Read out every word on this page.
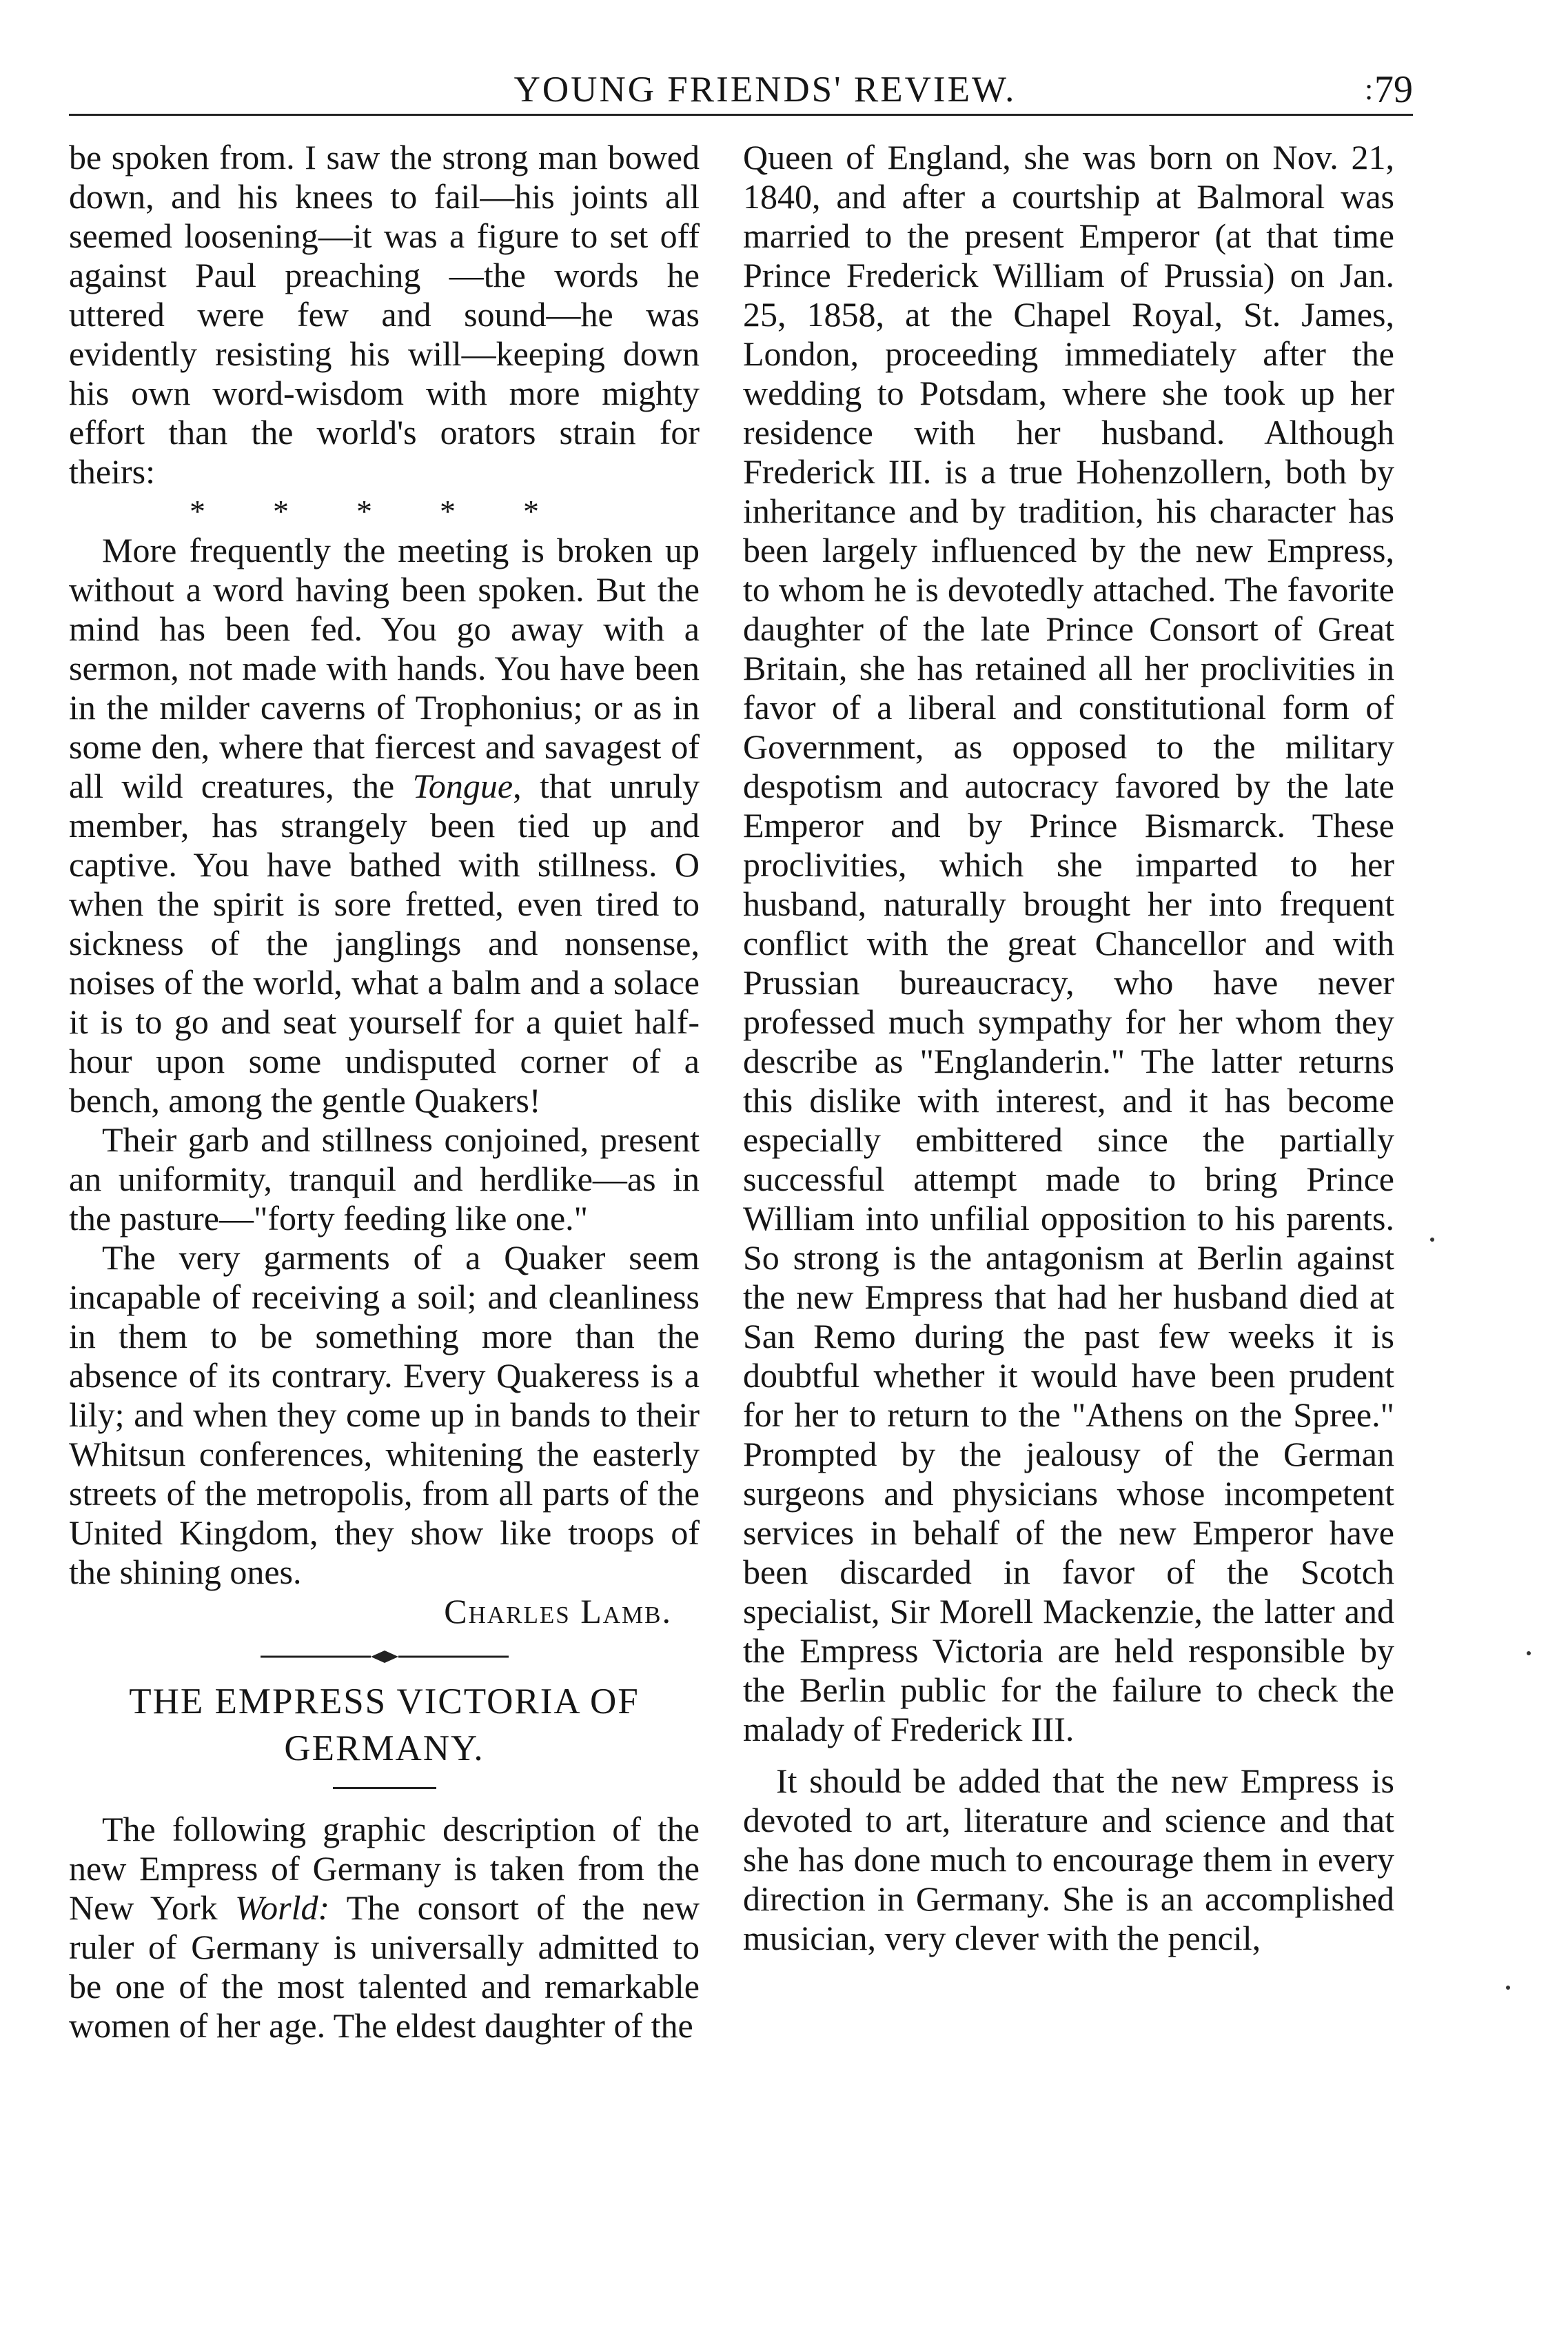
YOUNG FRIENDS' REVIEW.	: 79

be spoken from. I saw the strong man bowed down, and his knees to fail—his joints all seemed loosening—it was a figure to set off against Paul preaching —the words he uttered were few and sound—he was evidently resisting his will—keeping down his own word-wisdom with more mighty effort than the world's orators strain for theirs:

*****

More frequently the meeting is broken up without a word having been spoken. But the mind has been fed. You go away with a sermon, not made with hands. You have been in the milder caverns of Trophonius; or as in some den, where that fiercest and savagest of all wild creatures, the Tongue, that unruly member, has strangely been tied up and captive. You have bathed with stillness. O when the spirit is sore fretted, even tired to sickness of the janglings and nonsense, noises of the world, what a balm and a solace it is to go and seat yourself for a quiet half-hour upon some undisputed corner of a bench, among the gentle Quakers!

Their garb and stillness conjoined, present an uniformity, tranquil and herdlike—as in the pasture—"forty feeding like one."

The very garments of a Quaker seem incapable of receiving a soil; and cleanliness in them to be something more than the absence of its contrary. Every Quakeress is a lily; and when they come up in bands to their Whitsun conferences, whitening the easterly streets of the metropolis, from all parts of the United Kingdom, they show like troops of the shining ones.

Charles Lamb.
THE EMPRESS VICTORIA OF
GERMANY.

The following graphic description of the new Empress of Germany is taken from the New York World: The consort of the new ruler of Germany is universally admitted to be one of the most talented and remarkable women of her age. The eldest daughter of the

Queen of England, she was born on Nov. 21, 1840, and after a courtship at Balmoral was married to the present Emperor (at that time Prince Frederick William of Prussia) on Jan. 25, 1858, at the Chapel Royal, St. James, London, proceeding immediately after the wedding to Potsdam, where she took up her residence with her husband. Although Frederick III. is a true Hohenzollern, both by inheritance and by tradition, his character has been largely influenced by the new Empress, to whom he is devotedly attached. The favorite daughter of the late Prince Consort of Great Britain, she has retained all her proclivities in favor of a liberal and constitutional form of Government, as opposed to the military despotism and autocracy favored by the late Emperor and by Prince Bismarck. These proclivities, which she imparted to her husband, naturally brought her into frequent conflict with the great Chancellor and with Prussian bureaucracy, who have never professed much sympathy for her whom they describe as "Englanderin." The latter returns this dislike with interest, and it has become especially embittered since the partially successful attempt made to bring Prince William into unfilial opposition to his parents. So strong is the antagonism at Berlin against the new Empress that had her husband died at San Remo during the past few weeks it is doubtful whether it would have been prudent for her to return to the "Athens on the Spree." Prompted by the jealousy of the German surgeons and physicians whose incompetent services in behalf of the new Emperor have been discarded in favor of the Scotch specialist, Sir Morell Mackenzie, the latter and the Empress Victoria are held responsible by the Berlin public for the failure to check the malady of Frederick III.

It should be added that the new Empress is devoted to art, literature and science and that she has done much to encourage them in every direction in Germany. She is an accomplished musician, very clever with the pencil,
